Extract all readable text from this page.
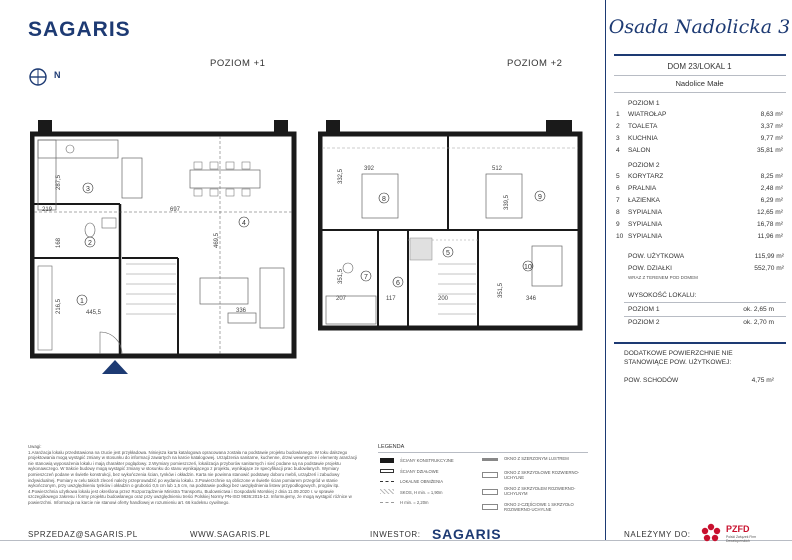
SAGARIS
N
POZIOM +1	POZIOM +2
1
2
3
4
219	697
287,5
168
216,5	445,5	336
469,5
5
6
7
8	9
10
392	512
332,5
339,5
351,5
351,5
207	117	200	346
Osada Nadolicka 3
DOM 23/LOKAL 1
Nadolice Małe
POZIOM 1
1 WIATROŁAP	8,63 m²
2 TOALETA	3,37 m²
3 KUCHNIA	9,77 m²
4 SALON	35,81 m²
POZIOM 2
5 KORYTARZ	8,25 m²
6 PRALNIA	2,48 m²
7 ŁAZIENKA	6,29 m²
8 SYPIALNIA	12,65 m²
9 SYPIALNIA	16,78 m²
10 SYPIALNIA	11,96 m²
POW. UŻYTKOWA	115,99 m²
POW. DZIAŁKI	552,70 m²
WRAZ Z TERENEM POD DOMEM
WYSOKOŚĆ LOKALU:
POZIOM 1	ok. 2,65 m
POZIOM 2	ok. 2,70 m
DODATKOWE POWIERZCHNIE NIE STANOWIĄCE POW. UŻYTKOWEJ:
POW. SCHODÓW	4,75 m²
Uwagi:
1.Aranżacja lokalu przedstawiona na rzucie jest przykładowa. Niniejsza karta katalogowa opracowana została na podstawie projektu budowlanego. W toku dalszego projektowania mogą wystąpić zmiany w stosunku do informacji zawartych na karcie katalogowej. Urządzenia sanitarne, kuchenne, drzwi wewnętrzne i elementy aranżacji nie stanowią wyposażenia lokalu i mają charakter poglądowy. 2.Wymiary pomieszczeń, lokalizacja przyborów sanitarnych i sieć podane są na podstawie projektu wykonawczego. W trakcie budowy mogą wystąpić zmiany w stosunku do stanu wynikającego z projektu, wynikające ze specyfikacji prac budowlanych. Wymiary pomieszczeń podane w świetle konstrukcji, bez wykończenia ścian, tynków i okładzin. Karta nie powinna stanowić podstawy doboru mebli, urządzeń i zabudowy indywidualnej. Pomiary w celu takich zleceń należy przeprowadzić po wydaniu lokalu. 3.Powierzchnie są obliczone w świetle ścian pomiarem przegród w stanie wykończonym, przy uwzględnieniu tynków i okładzin o grubości 0,5 cm lub 1,5 cm, na podstawie podłogi bez uwzględnienia listew przypodłogowych, progów itp. 4.Powierzchnia użytkowa lokalu jest określona przez Rozporządzenie Ministra Transportu, Budownictwa i Gospodarki Morskiej z dnia 11.09.2020 r. w sprawie szczegółowego zakresu i formy projektu budowlanego oraz przy uwzględnieniu treści Polskiej Normy PN-ISO 9836:2015-12. Informujemy, że mogą wystąpić różnice w powierzchni. Informacja na karcie nie stanowi oferty handlowej w rozumieniu art. 66 kodeksu cywilnego.
LEGENDA
ŚCIANY KONSTRUKCYJNE
ŚCIANY DZIAŁOWE
LOKALNE OBNIŻENIA
SKOS, H min. = 1,90m
H min. = 2,20m
OKNO Z SZERZONYM LUSTREM
OKNO Z SKRZYDŁOWE ROZWIERNO-UCHYLNE
OKNO Z SKRZYDŁEM ROZWIERNO-UCHYLNYM
OKNO 2-CZĘŚCIOWE 1 SKRZYDŁO ROZWIERNO-UCHYLNE
SPRZEDAZ@SAGARIS.PL	WWW.SAGARIS.PL	INWESTOR: SAGARIS	NALEŻYMY DO:
PZFD
Polski Związek Firm Deweloperskich
